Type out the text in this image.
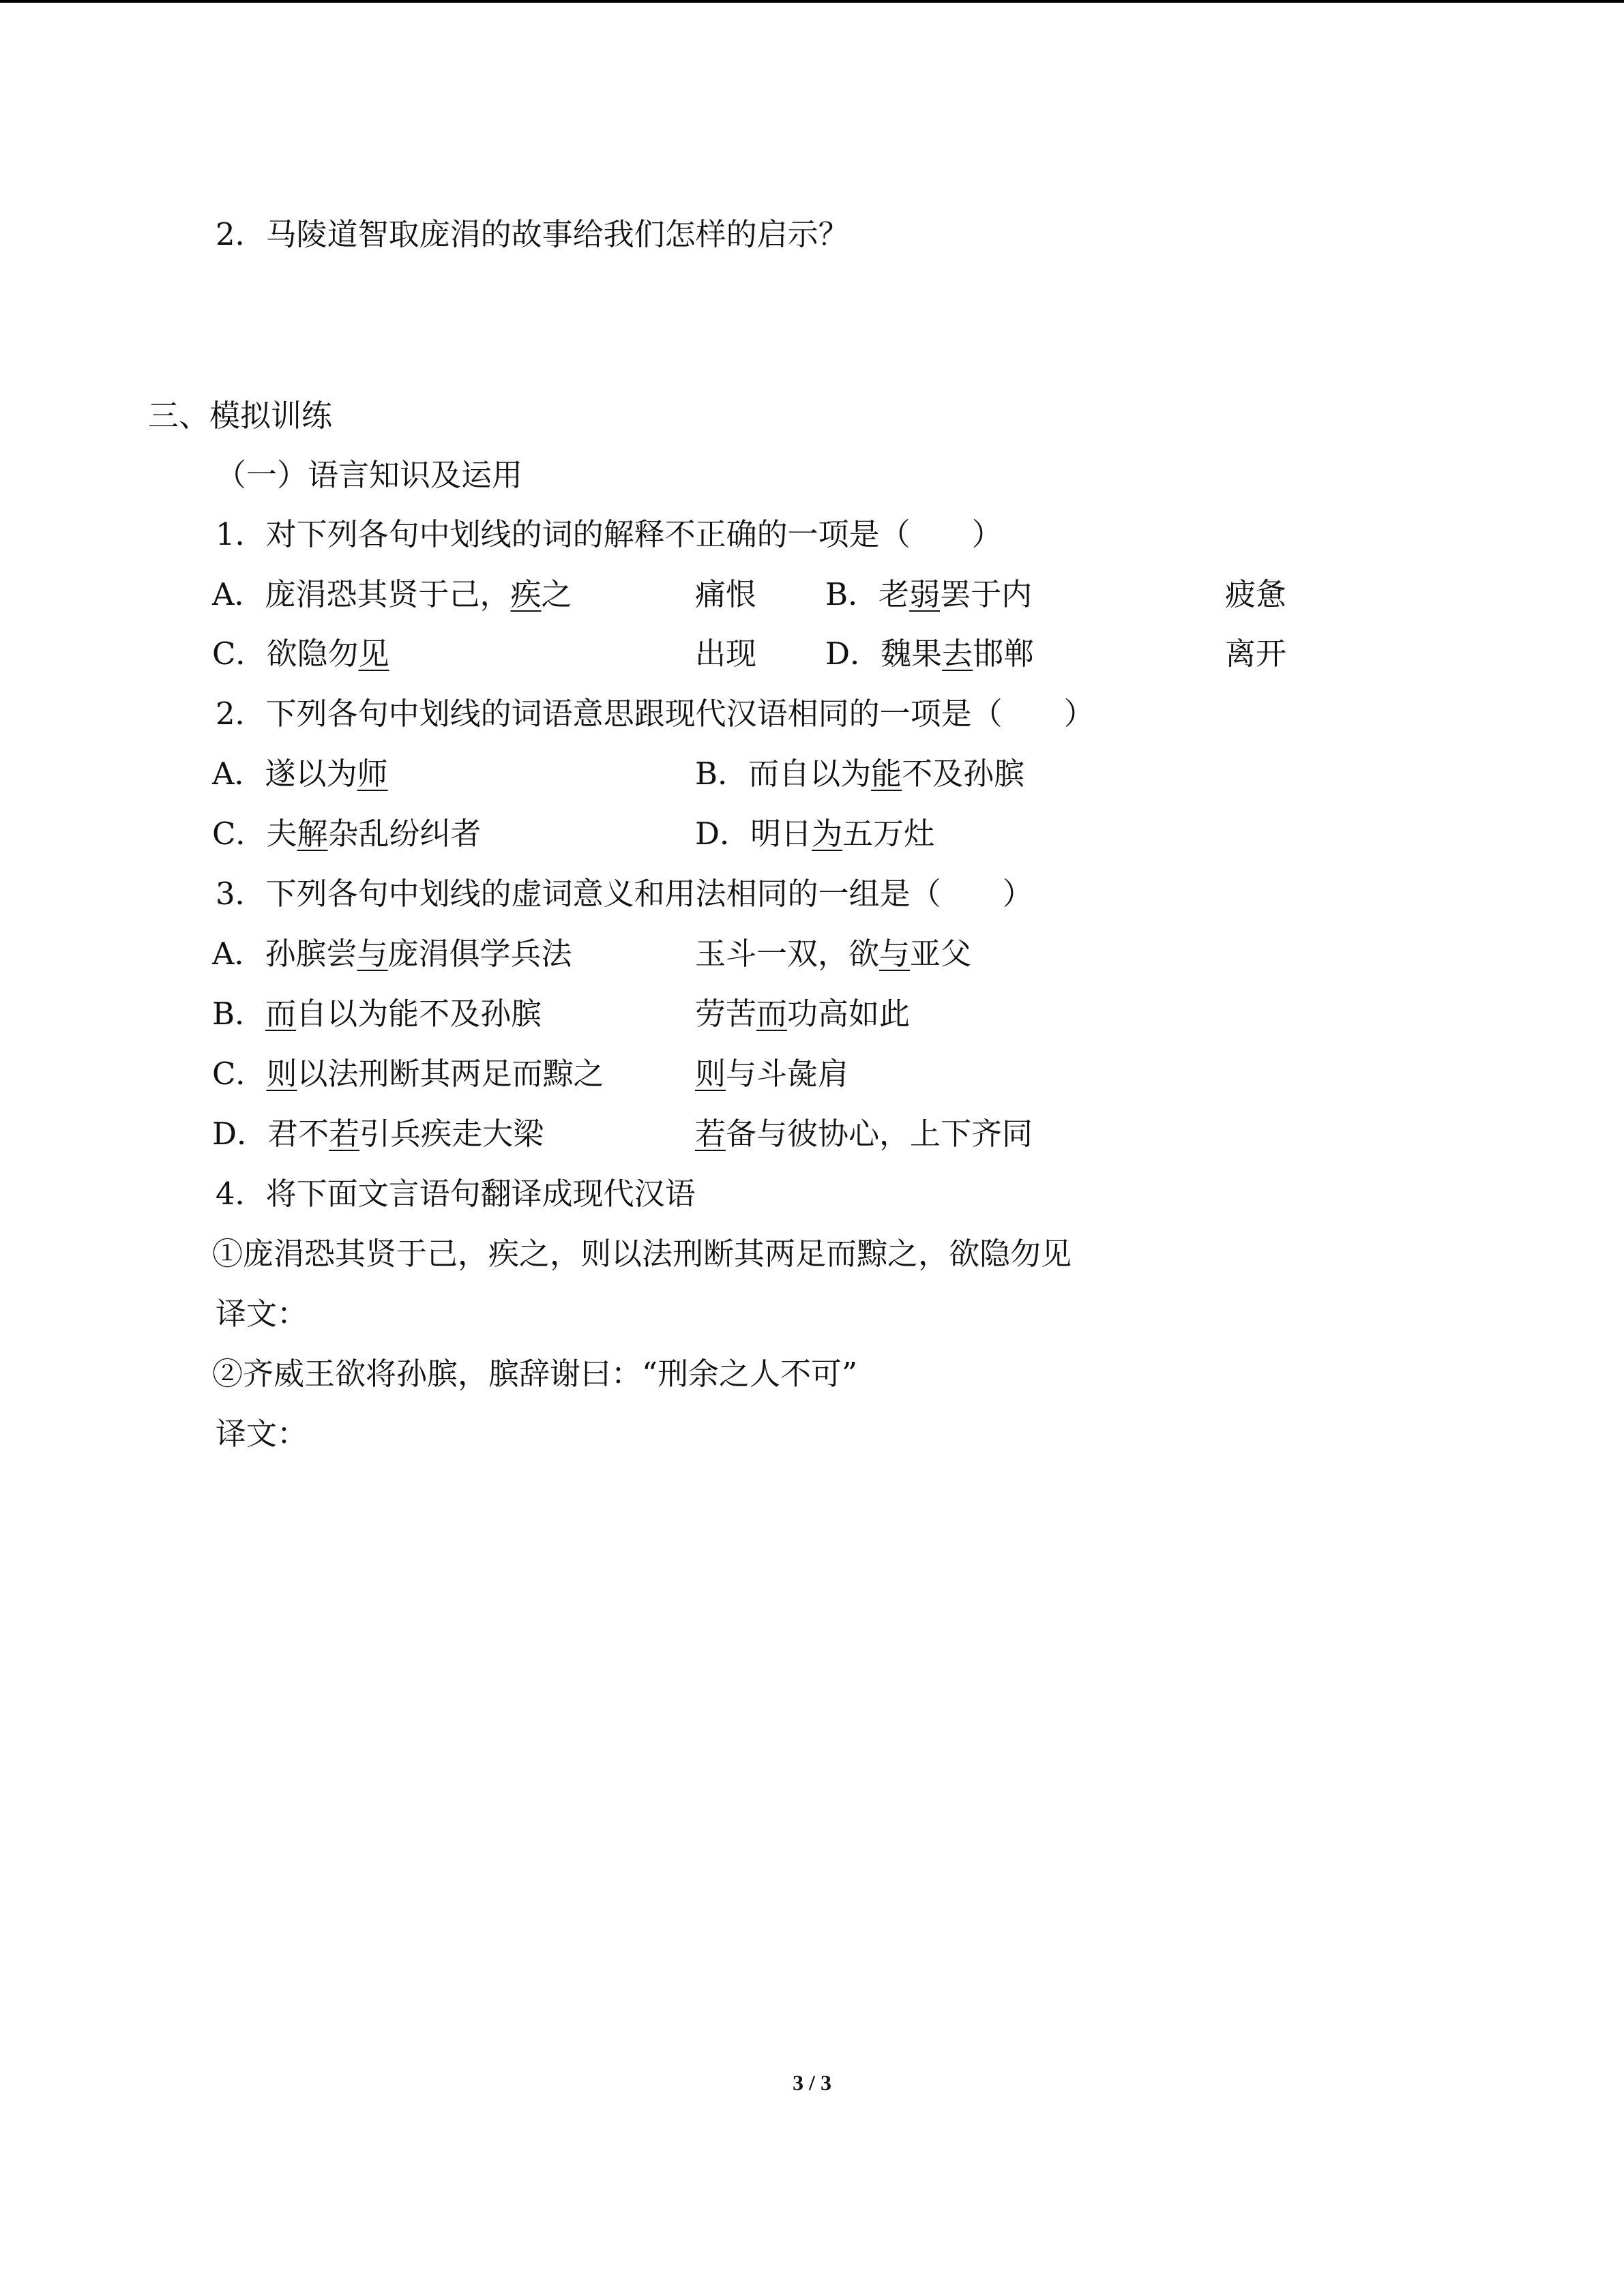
2．马陵道智取庞涓的故事给我们怎样的启示？
三、模拟训练
（一）语言知识及运用
1．对下列各句中划线的词的解释不正确的一项是（　　）
A．庞涓恐其贤于己，疾之	痛恨 B．老弱罢于内	疲惫
C．欲隐勿见	出现 D．魏果去邯郸	离开
2．下列各句中划线的词语意思跟现代汉语相同的一项是（　　）
A．遂以为师	B．而自以为能不及孙膑
C．夫解杂乱纷纠者	D．明日为五万灶
3．下列各句中划线的虚词意义和用法相同的一组是（　　）
A．孙膑尝与庞涓俱学兵法	玉斗一双，欲与亚父
B．而自以为能不及孙膑	劳苦而功高如此
C．则以法刑断其两足而黥之	则与斗彘肩
D．君不若引兵疾走大梁	若备与彼协心，上下齐同
4．将下面文言语句翻译成现代汉语
①庞涓恐其贤于己，疾之，则以法刑断其两足而黥之，欲隐勿见
译文：
②齐威王欲将孙膑，膑辞谢曰：“刑余之人不可”
译文：
3 / 3
